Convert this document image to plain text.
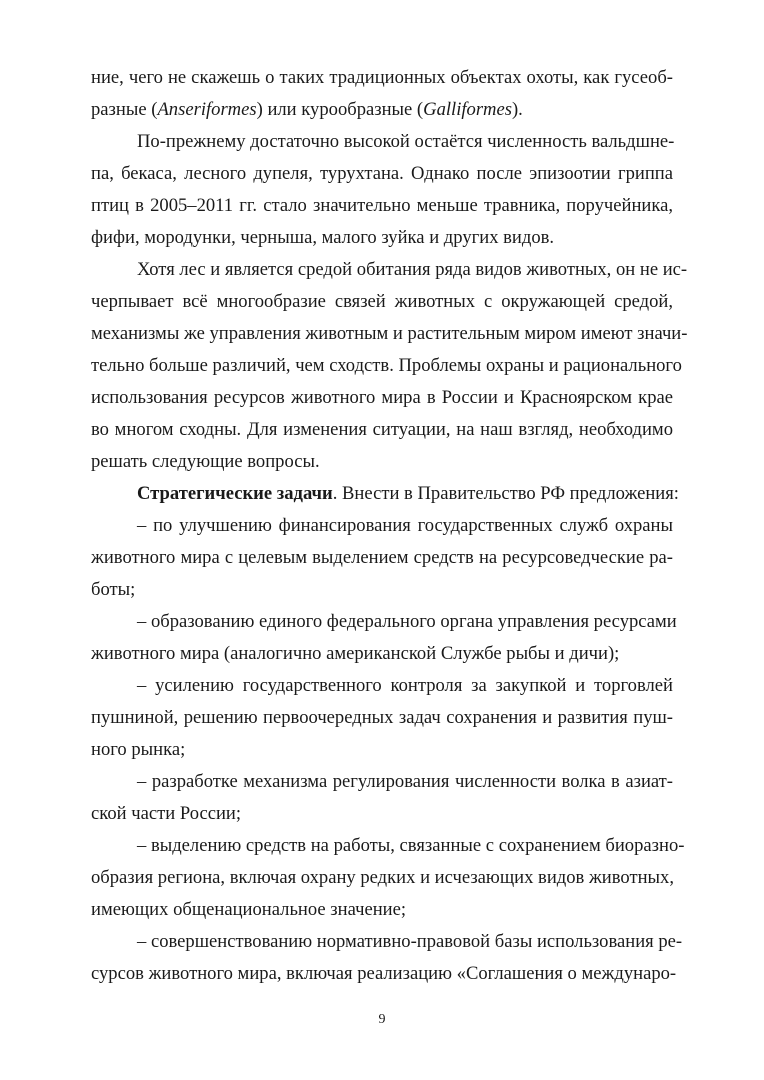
ние, чего не скажешь о таких традиционных объектах охоты, как гусеоб-
разные (Anseriformes) или курообразные (Galliformes).
По-прежнему достаточно высокой остаётся численность вальдшне-
па, бекаса, лесного дупеля, турухтана. Однако после эпизоотии гриппа
птиц в 2005–2011 гг. стало значительно меньше травника, поручейника,
фифи, мородунки, черныша, малого зуйка и других видов.
Хотя лес и является средой обитания ряда видов животных, он не ис-
черпывает всё многообразие связей животных с окружающей средой,
механизмы же управления животным и растительным миром имеют значи-
тельно больше различий, чем сходств. Проблемы охраны и рационального
использования ресурсов животного мира в России и Красноярском крае
во многом сходны. Для изменения ситуации, на наш взгляд, необходимо
решать следующие вопросы.
Стратегические задачи. Внести в Правительство РФ предложения:
– по улучшению финансирования государственных служб охраны
животного мира с целевым выделением средств на ресурсоведческие ра-
боты;
– образованию единого федерального органа управления ресурсами
животного мира (аналогично американской Службе рыбы и дичи);
– усилению государственного контроля за закупкой и торговлей
пушниной, решению первоочередных задач сохранения и развития пуш-
ного рынка;
– разработке механизма регулирования численности волка в азиат-
ской части России;
– выделению средств на работы, связанные с сохранением биоразно-
образия региона, включая охрану редких и исчезающих видов животных,
имеющих общенациональное значение;
– совершенствованию нормативно-правовой базы использования ре-
сурсов животного мира, включая реализацию «Соглашения о междунаро-
9
